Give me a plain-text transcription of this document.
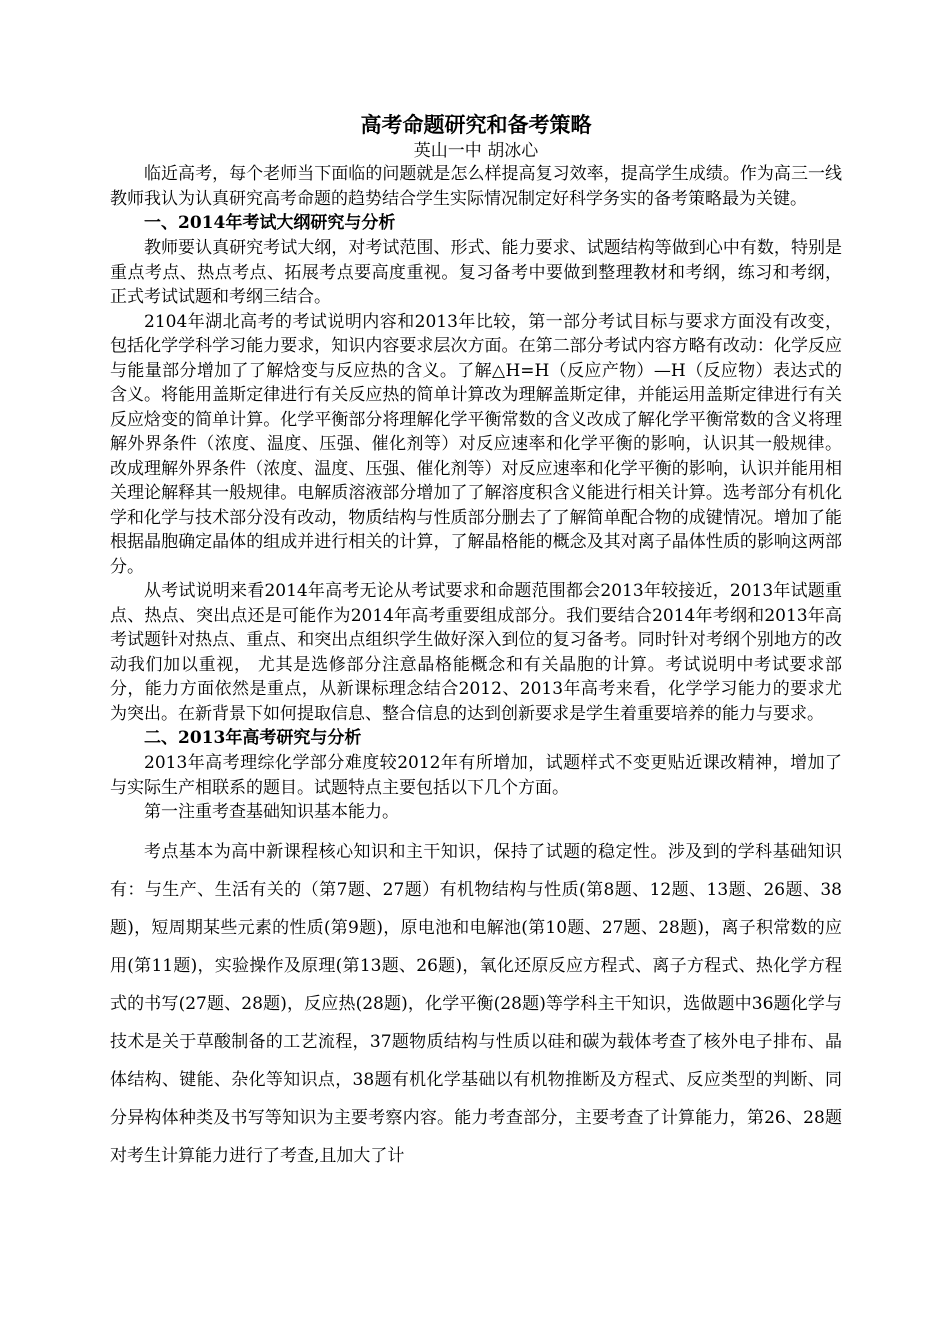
高考命题研究和备考策略
英山一中 胡冰心

临近高考，每个老师当下面临的问题就是怎么样提高复习效率，提高学生成绩。作为高三一线教师我认为认真研究高考命题的趋势结合学生实际情况制定好科学务实的备考策略最为关键。

一、2014年考试大纲研究与分析

教师要认真研究考试大纲，对考试范围、形式、能力要求、试题结构等做到心中有数，特别是重点考点、热点考点、拓展考点要高度重视。复习备考中要做到整理教材和考纲，练习和考纲， 正式考试试题和考纲三结合。

2104年湖北高考的考试说明内容和2013年比较，第一部分考试目标与要求方面没有改变，包括化学学科学习能力要求，知识内容要求层次方面。在第二部分考试内容方略有改动：化学反应与能量部分增加了了解焓变与反应热的含义。了解△H=H（反应产物）—H（反应物）表达式的含义。将能用盖斯定律进行有关反应热的简单计算改为理解盖斯定律，并能运用盖斯定律进行有关反应焓变的简单计算。化学平衡部分将理解化学平衡常数的含义改成了解化学平衡常数的含义将理解外界条件（浓度、温度、压强、催化剂等）对反应速率和化学平衡的影响，认识其一般规律。 改成理解外界条件（浓度、温度、压强、催化剂等）对反应速率和化学平衡的影响，认识并能用相关理论解释其一般规律。电解质溶液部分增加了了解溶度积含义能进行相关计算。选考部分有机化学和化学与技术部分没有改动，物质结构与性质部分删去了了解简单配合物的成键情况。增加了能根据晶胞确定晶体的组成并进行相关的计算，了解晶格能的概念及其对离子晶体性质的影响这两部分。

从考试说明来看2014年高考无论从考试要求和命题范围都会2013年较接近，2013年试题重点、热点、突出点还是可能作为2014年高考重要组成部分。我们要结合2014年考纲和2013年高考试题针对热点、重点、和突出点组织学生做好深入到位的复习备考。同时针对考纲个别地方的改动我们加以重视， 尤其是选修部分注意晶格能概念和有关晶胞的计算。考试说明中考试要求部分，能力方面依然是重点，从新课标理念结合2012、2013年高考来看，化学学习能力的要求尤为突出。在新背景下如何提取信息、整合信息的达到创新要求是学生着重要培养的能力与要求。

二、2013年高考研究与分析

2013年高考理综化学部分难度较2012年有所增加，试题样式不变更贴近课改精神，增加了与实际生产相联系的题目。试题特点主要包括以下几个方面。

第一注重考查基础知识基本能力。

考点基本为高中新课程核心知识和主干知识，保持了试题的稳定性。涉及到的学科基础知识有：与生产、生活有关的（第7题、27题）有机物结构与性质(第8题、12题、13题、26题、38题)，短周期某些元素的性质(第9题)，原电池和电解池(第10题、27题、28题)，离子积常数的应用(第11题)，实验操作及原理(第13题、26题)，氧化还原反应方程式、离子方程式、热化学方程式的书写(27题、28题)，反应热(28题)，化学平衡(28题)等学科主干知识，选做题中36题化学与技术是关于草酸制备的工艺流程，37题物质结构与性质以硅和碳为载体考查了核外电子排布、晶体结构、键能、杂化等知识点，38题有机化学基础以有机物推断及方程式、反应类型的判断、同分异构体种类及书写等知识为主要考察内容。能力考查部分，主要考查了计算能力，第26、28题对考生计算能力进行了考查,且加大了计
